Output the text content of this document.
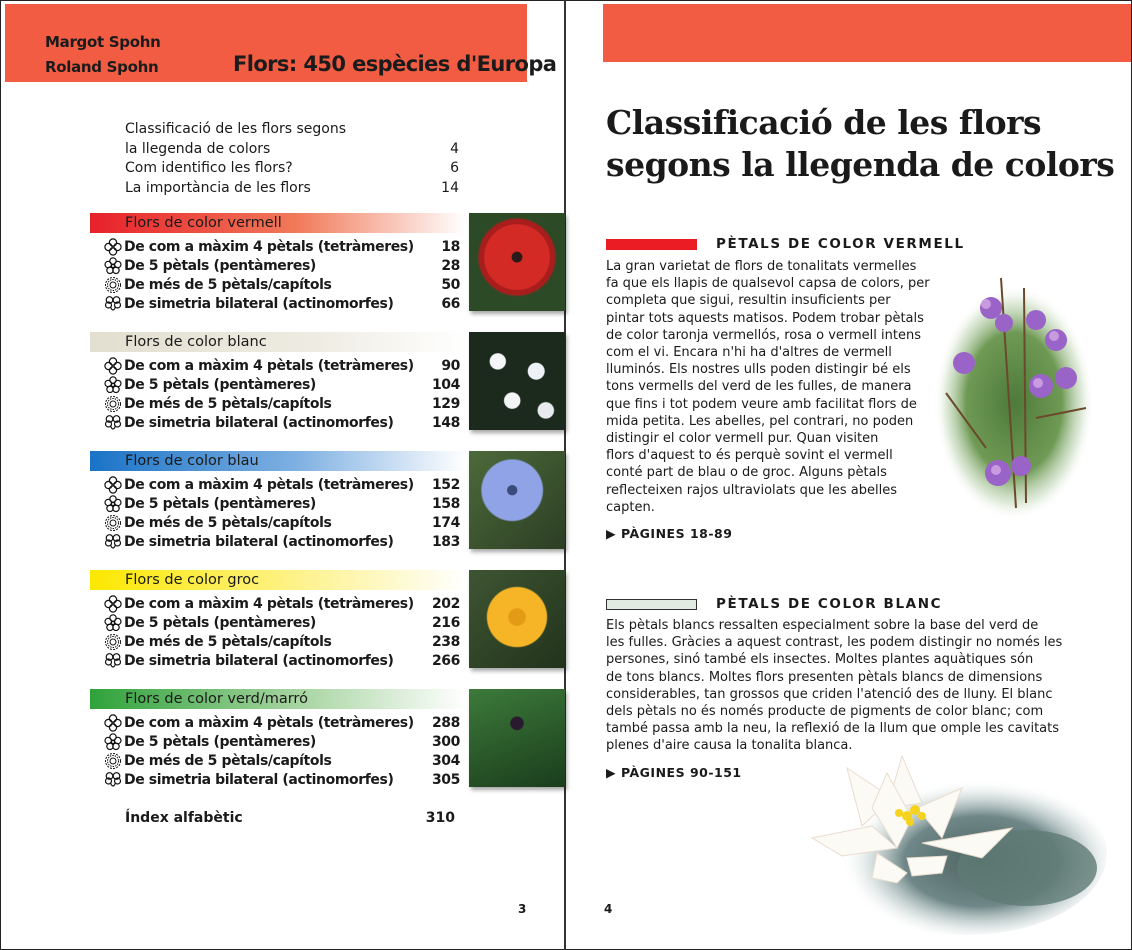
Margot Spohn
Roland Spohn	Flors: 450 espècies d'Europa
Classificació de les flors segons
la llegenda de colors	4
Com identifico les flors?	6
La importància de les flors	14
Flors de color vermell
De com a màxim 4 pètals (tetràmeres)	18
De 5 pètals (pentàmeres)	28
De més de 5 pètals/capítols	50
De simetria bilateral (actinomorfes)	66
Flors de color blanc
De com a màxim 4 pètals (tetràmeres)	90
De 5 pètals (pentàmeres)	104
De més de 5 pètals/capítols	129
De simetria bilateral (actinomorfes)	148
Flors de color blau
De com a màxim 4 pètals (tetràmeres)	152
De 5 pètals (pentàmeres)	158
De més de 5 pètals/capítols	174
De simetria bilateral (actinomorfes)	183
Flors de color groc
De com a màxim 4 pètals (tetràmeres)	202
De 5 pètals (pentàmeres)	216
De més de 5 pètals/capítols	238
De simetria bilateral (actinomorfes)	266
Flors de color verd/marró
De com a màxim 4 pètals (tetràmeres)	288
De 5 pètals (pentàmeres)	300
De més de 5 pètals/capítols	304
De simetria bilateral (actinomorfes)	305
Índex alfabètic	310
3
Classificació de les flors
segons la llegenda de colors
PÈTALS DE COLOR VERMELL
La gran varietat de flors de tonalitats vermelles
fa que els llapis de qualsevol capsa de colors, per
completa que sigui, resultin insuficients per
pintar tots aquests matisos. Podem trobar pètals
de color taronja vermellós, rosa o vermell intens
com el vi. Encara n'hi ha d'altres de vermell
lluminós. Els nostres ulls poden distingir bé els
tons vermells del verd de les fulles, de manera
que fins i tot podem veure amb facilitat flors de
mida petita. Les abelles, pel contrari, no poden
distingir el color vermell pur. Quan visiten
flors d'aquest to és perquè sovint el vermell
conté part de blau o de groc. Alguns pètals
reflecteixen rajos ultraviolats que les abelles
capten.
▶ PÀGINES 18-89
PÈTALS DE COLOR BLANC
Els pètals blancs ressalten especialment sobre la base del verd de
les fulles. Gràcies a aquest contrast, les podem distingir no només les
persones, sinó també els insectes. Moltes plantes aquàtiques són
de tons blancs. Moltes flors presenten pètals blancs de dimensions
considerables, tan grossos que criden l'atenció des de lluny. El blanc
dels pètals no és només producte de pigments de color blanc; com
també passa amb la neu, la reflexió de la llum que omple les cavitats
plenes d'aire causa la tonalita blanca.
▶ PÀGINES 90-151
4
